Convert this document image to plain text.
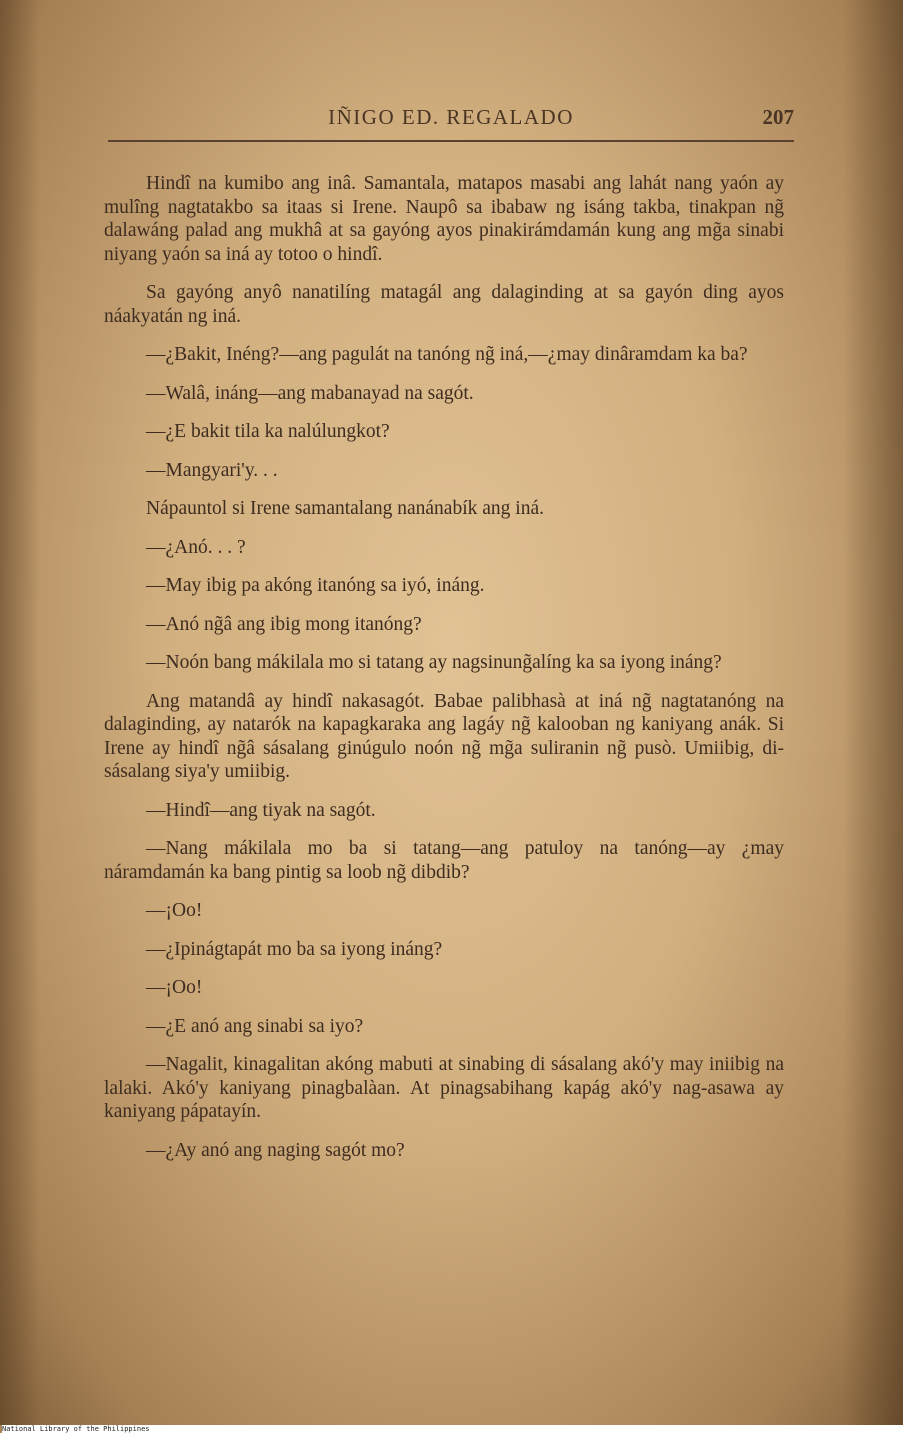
IÑIGO ED. REGALADO	207

Hindî na kumibo ang inâ. Samantala, matapos masabi ang lahát nang yaón ay mulîng nagtatakbo sa itaas si Irene. Naupô sa ibabaw ng isáng takba, tinakpan ng̃ dalawáng palad ang mukhâ at sa gayóng ayos pinakirámdamán kung ang mg̃a sinabi niyang yaón sa iná ay totoo o hindî.

Sa gayóng anyô nanatilíng matagál ang dalaginding at sa gayón ding ayos náakyatán ng iná.

—¿Bakit, Inéng?—ang pagulát na tanóng ng̃ iná,—¿may dinâramdam ka ba?

—Walâ, ináng—ang mabanayad na sagót.

—¿E bakit tila ka nalúlungkot?

—Mangyari'y. . .

Nápauntol si Irene samantalang nanánabík ang iná.

—¿Anó. . . ?

—May ibig pa akóng itanóng sa iyó, ináng.

—Anó ng̃â ang ibig mong itanóng?

—Noón bang mákilala mo si tatang ay nagsinung̃alíng ka sa iyong ináng?

Ang matandâ ay hindî nakasagót. Babae palibhasà at iná ng̃ nagtatanóng na dalaginding, ay natarók na kapagkaraka ang lagáy ng̃ kalooban ng kaniyang anák. Si Irene ay hindî ng̃â sásalang ginúgulo noón ng̃ mg̃a suliranin ng̃ pusò. Umiibig, di-sásalang siya'y umiibig.

—Hindî—ang tiyak na sagót.

—Nang mákilala mo ba si tatang—ang patuloy na tanóng—ay ¿may náramdamán ka bang pintig sa loob ng̃ dibdib?

—¡Oo!

—¿Ipinágtapát mo ba sa iyong ináng?

—¡Oo!

—¿E anó ang sinabi sa iyo?

—Nagalit, kinagalitan akóng mabuti at sinabing di sásalang akó'y may iniibig na lalaki. Akó'y kaniyang pinagbalàan. At pinagsabihang kapág akó'y nag-asawa ay kaniyang pápatayín.

—¿Ay anó ang naging sagót mo?

National Library of the Philippines
